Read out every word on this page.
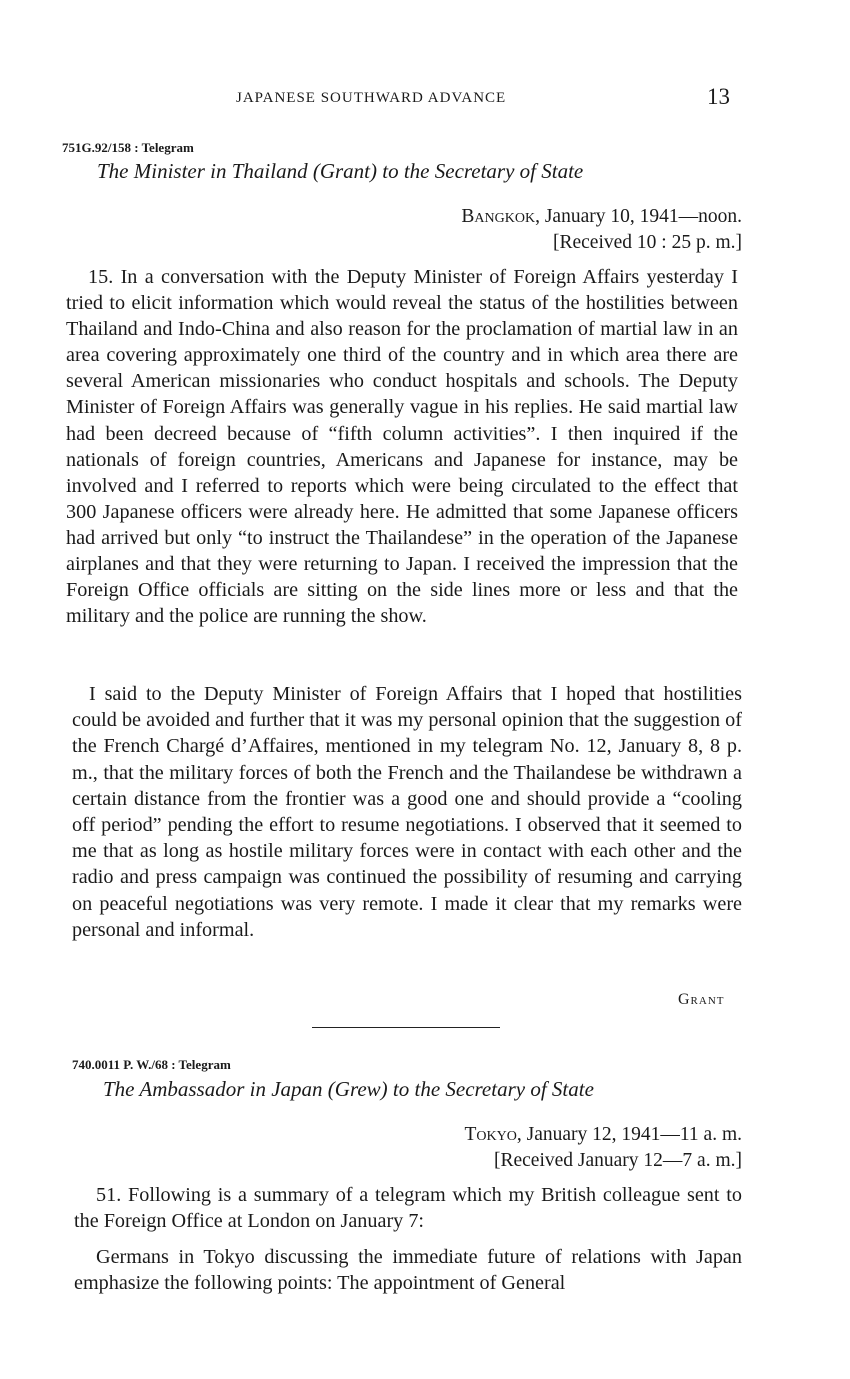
JAPANESE SOUTHWARD ADVANCE	13
751G.92/158 : Telegram
The Minister in Thailand (Grant) to the Secretary of State
Bangkok, January 10, 1941—noon.
[Received 10 : 25 p. m.]

15. In a conversation with the Deputy Minister of Foreign Affairs yesterday I tried to elicit information which would reveal the status of the hostilities between Thailand and Indo-China and also reason for the proclamation of martial law in an area covering approximately one third of the country and in which area there are several American missionaries who conduct hospitals and schools. The Deputy Minister of Foreign Affairs was generally vague in his replies. He said martial law had been decreed because of “fifth column activities”. I then inquired if the nationals of foreign countries, Americans and Japanese for instance, may be involved and I referred to reports which were being circulated to the effect that 300 Japanese officers were already here. He admitted that some Japanese officers had arrived but only “to instruct the Thailandese” in the operation of the Japanese airplanes and that they were returning to Japan. I received the impression that the Foreign Office officials are sitting on the side lines more or less and that the military and the police are running the show.

I said to the Deputy Minister of Foreign Affairs that I hoped that hostilities could be avoided and further that it was my personal opinion that the suggestion of the French Chargé d’Affaires, mentioned in my telegram No. 12, January 8, 8 p. m., that the military forces of both the French and the Thailandese be withdrawn a certain distance from the frontier was a good one and should provide a “cooling off period” pending the effort to resume negotiations. I observed that it seemed to me that as long as hostile military forces were in contact with each other and the radio and press campaign was continued the possibility of resuming and carrying on peaceful negotiations was very remote. I made it clear that my remarks were personal and informal.

Grant
740.0011 P. W./68 : Telegram
The Ambassador in Japan (Grew) to the Secretary of State
Tokyo, January 12, 1941—11 a. m.
[Received January 12—7 a. m.]

51. Following is a summary of a telegram which my British colleague sent to the Foreign Office at London on January 7:

Germans in Tokyo discussing the immediate future of relations with Japan emphasize the following points: The appointment of General
